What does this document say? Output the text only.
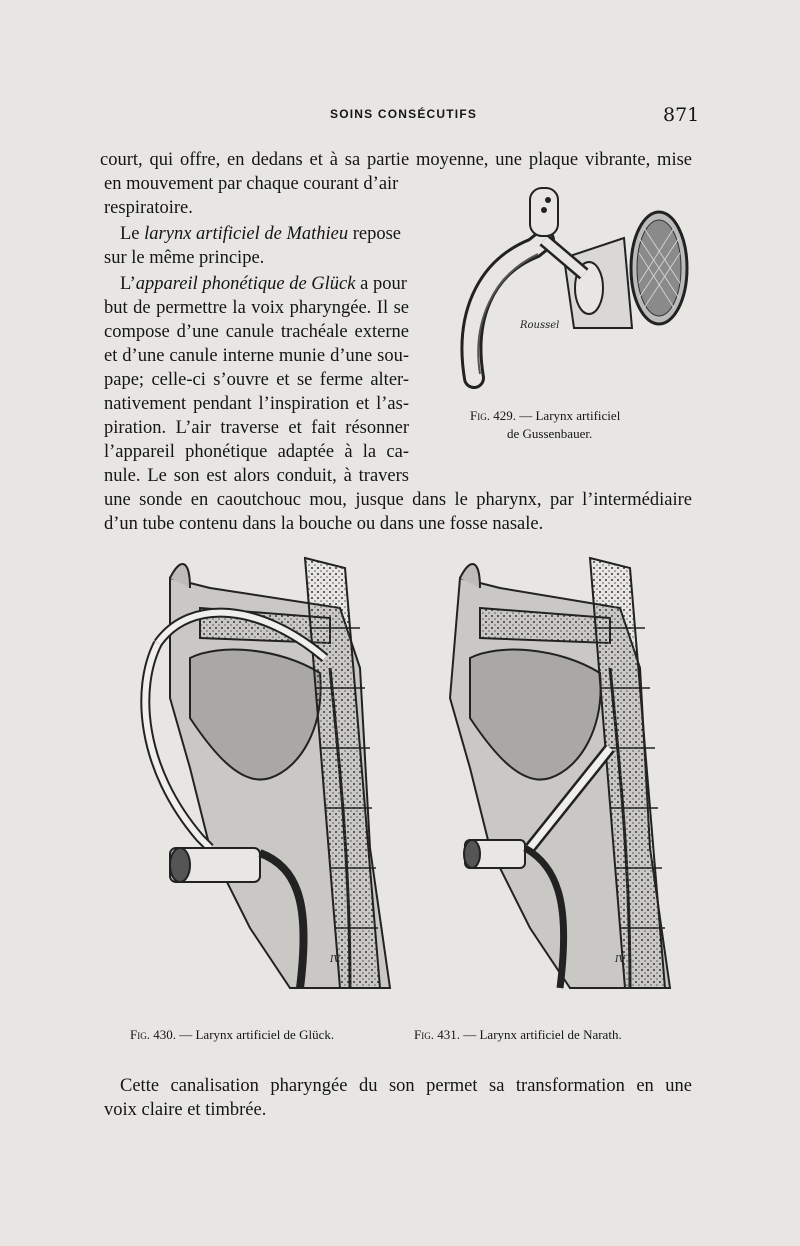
SOINS CONSÉCUTIFS	871

court, qui offre, en dedans et à sa partie moyenne, une plaque vibrante, mise

en mouvement par chaque courant d’air

respiratoire.

Le larynx artificiel de Mathieu repose

sur le même principe.

L’appareil phonétique de Glück a pour

but de permettre la voix pharyngée. Il se

compose d’une canule trachéale externe

et d’une canule interne munie d’une sou-

pape; celle-ci s’ouvre et se ferme alter-

nativement pendant l’inspiration et l’as-

piration. L’air traverse et fait résonner

l’appareil phonétique adaptée à la ca-

nule. Le son est alors conduit, à travers

une sonde en caoutchouc mou, jusque dans le pharynx, par l’intermédiaire

d’un tube contenu dans la bouche ou dans une fosse nasale.

Roussel
Fig. 429. — Larynx artificiel
de Gussenbauer.
IV	IV
Fig. 430. — Larynx artificiel de Glück.	Fig. 431. — Larynx artificiel de Narath.

Cette canalisation pharyngée du son permet sa transformation en une

voix claire et timbrée.
